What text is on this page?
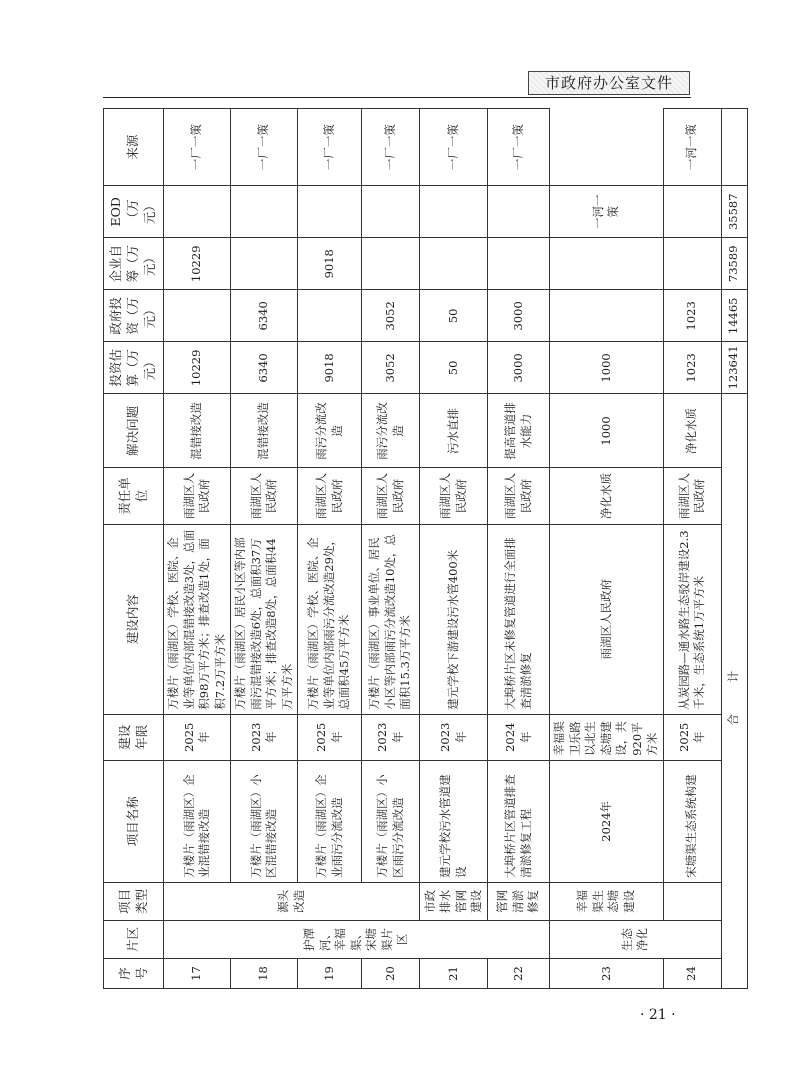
市政府办公室文件
序号	片区	项目类型	项目名称	建设年限	建设内容	责任单位	解决问题	投资估算（万元）	政府投资（万元）	企业自筹（万元）	EOD（万元）	来源
17	护潭河、幸福渠、宋塘渠片区	源头改造	万楼片（雨湖区）企业混错接改造	2025年	万楼片（雨湖区）学校、医院、企业等单位内部混错接改造3处，总面积98万平方米；排查改造1处，面积7.2万平方米	雨湖区人民政府	混错接改造	10229		10229		一厂一策
18			万楼片（雨湖区）小区混错接改造	2023年	万楼片（雨湖区）居民小区等内部雨污混错接改造6处，总面积37万平方米；排查改造8处，总面积44万平方米	雨湖区人民政府	混错接改造	6340	6340			一厂一策
19			万楼片（雨湖区）企业雨污分流改造	2025年	万楼片（雨湖区）学校、医院、企业等单位内部雨污分流改造29处，总面积45万平方米	雨湖区人民政府	雨污分流改造	9018		9018		一厂一策
20			万楼片（雨湖区）小区雨污分流改造	2023年	万楼片（雨湖区）事业单位、居民小区等内部雨污分流改造10处，总面积15.3万平方米	雨湖区人民政府	雨污分流改造	3052	3052			一厂一策
21		市政排水管网建设	建元学校污水管道建设	2023年	建元学校下游建设污水管400米	雨湖区人民政府	污水直排	50	50			一厂一策
22		管网清淤修复	大埠桥片区管道排查清淤修复工程	2024年	大埠桥片区未修复管道进行全面排查清淤修复	雨湖区人民政府	提高管道排水能力	3000	3000			一厂一策
23	生态净化	幸福渠生态塘建设	2024年	幸福渠卫乐路以北生态塘建设，共920平方米	雨湖区人民政府	净化水质	1000	1000			一河一策	
24			宋塘渠生态系统构建	2025年	从炭园路—通水路生态驳岸建设2.3千米，生态系统1万平方米	雨湖区人民政府	净化水质	1023	1023			一河一策
合 计								123641	14465	73589	35587	
· 21 ·
